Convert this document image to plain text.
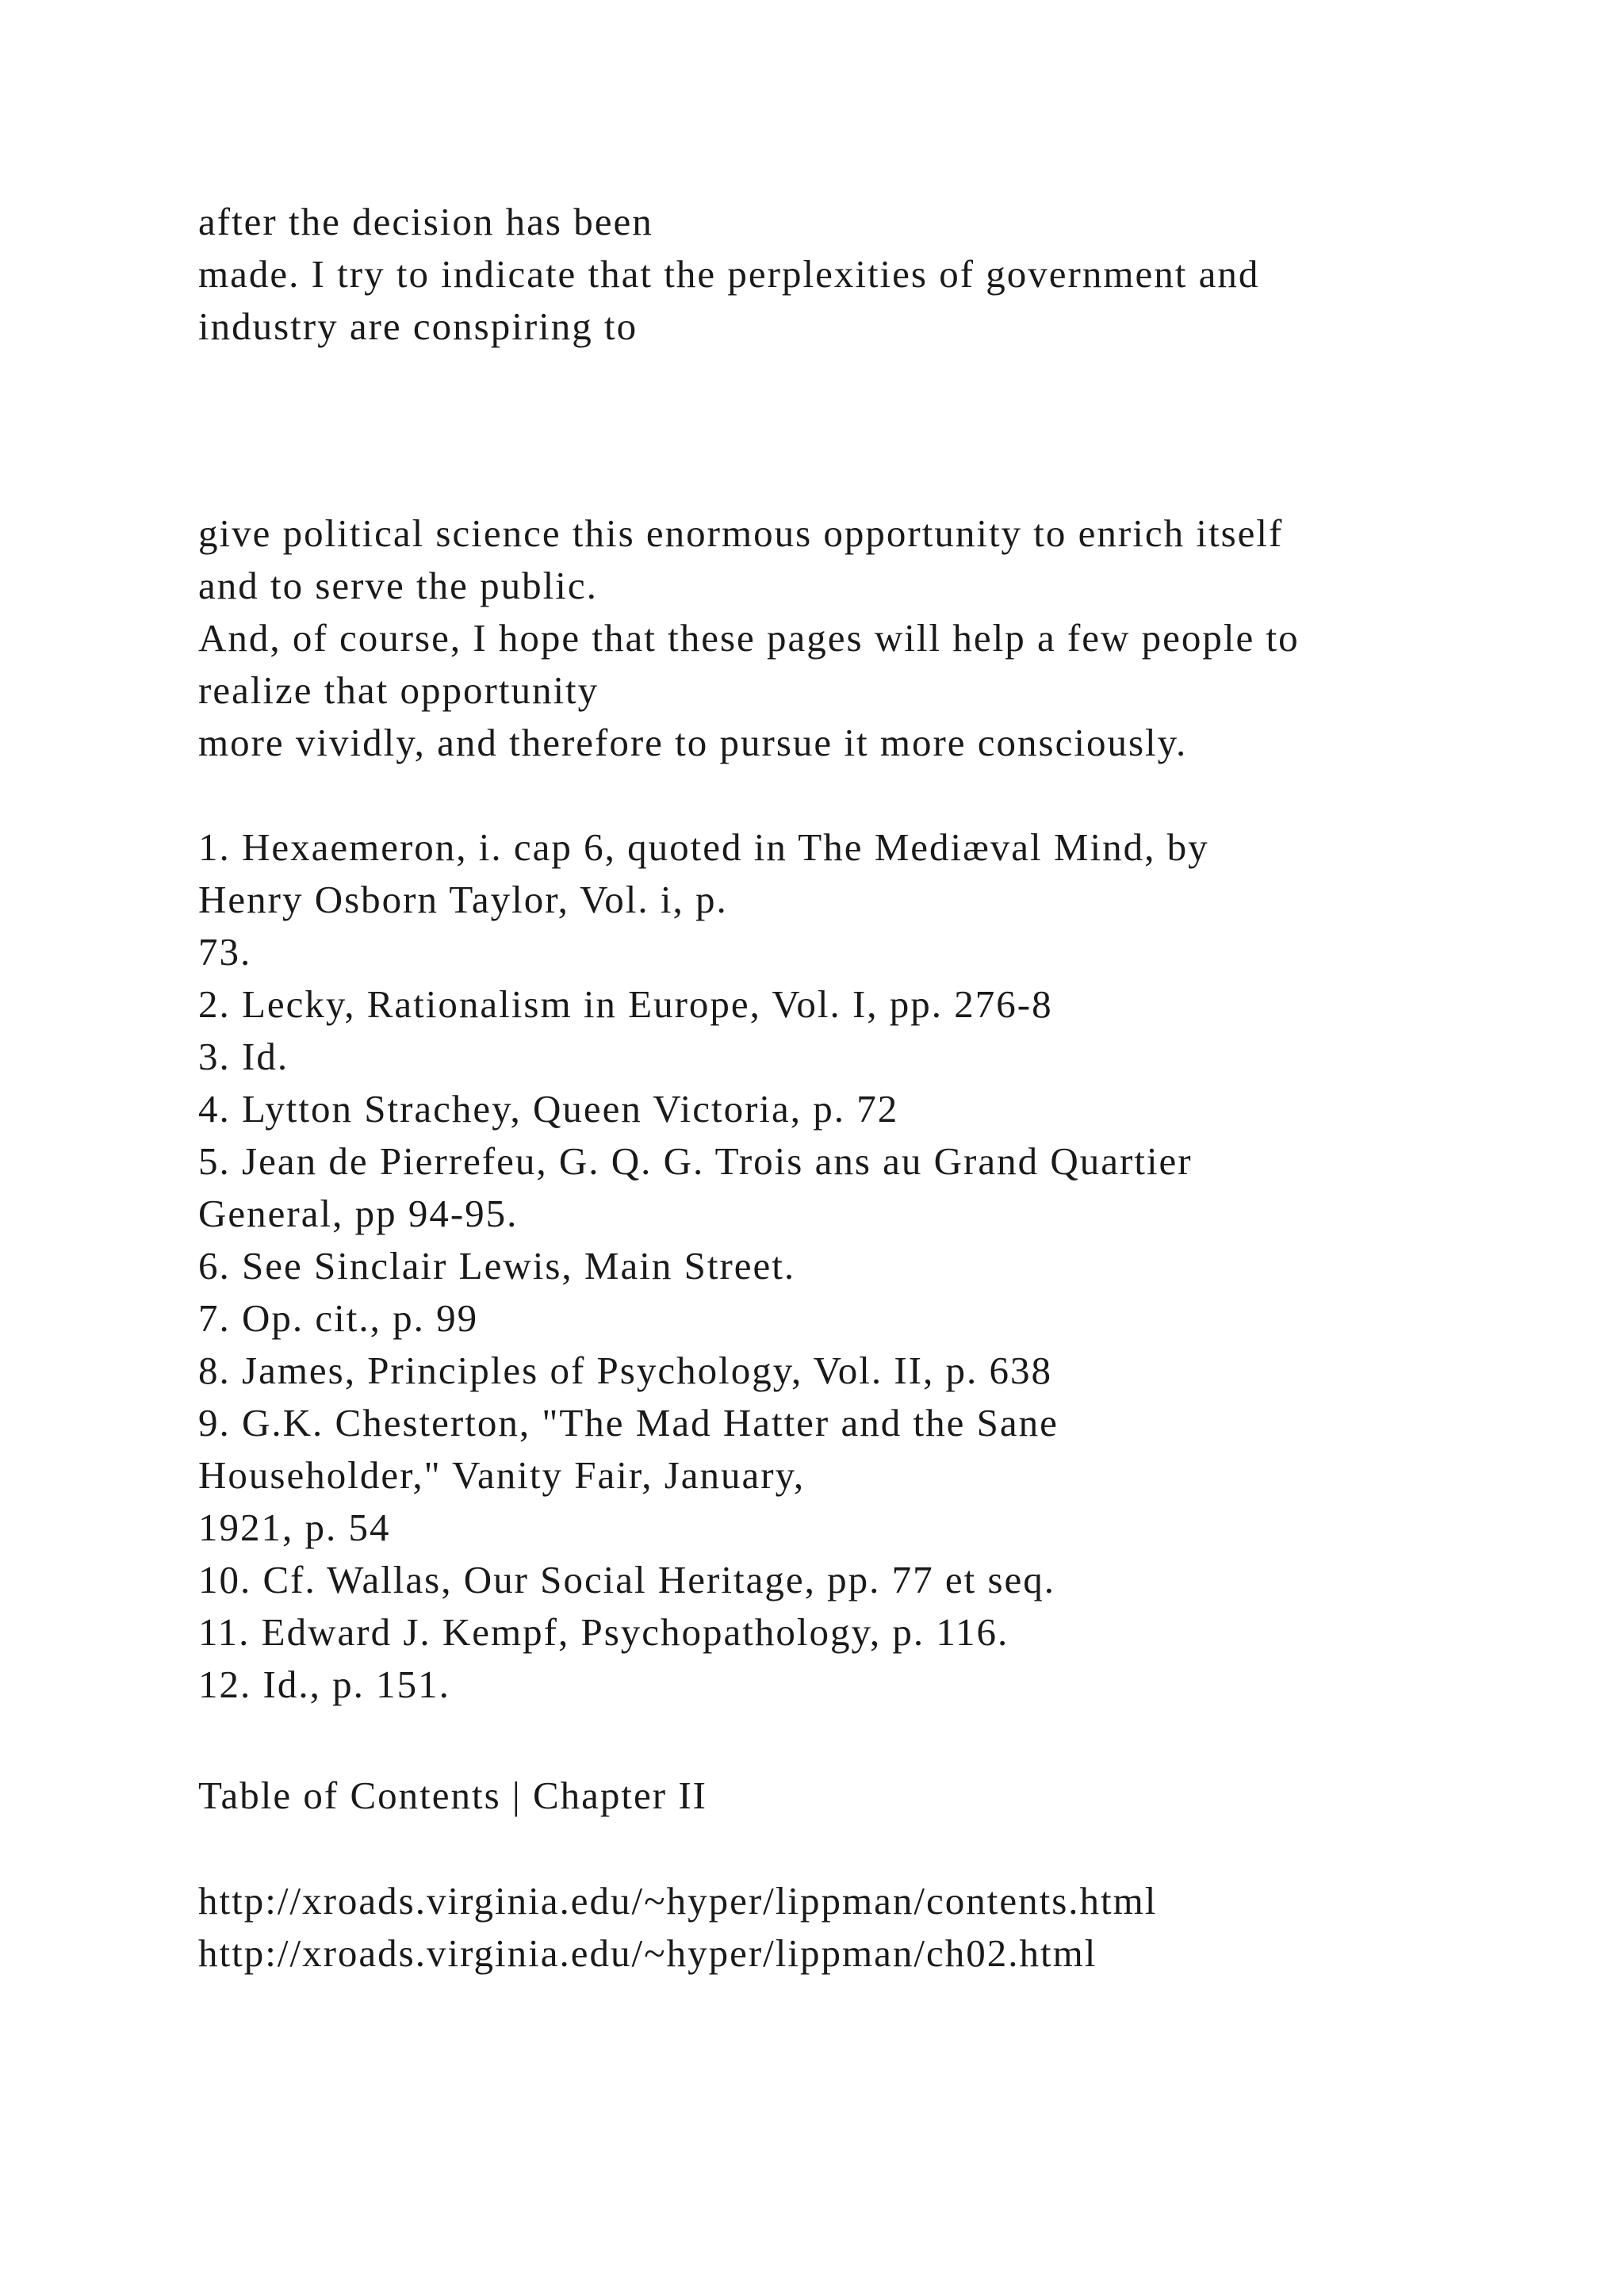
after the decision has been
made. I try to indicate that the perplexities of government and
industry are conspiring to
give political science this enormous opportunity to enrich itself
and to serve the public.
And, of course, I hope that these pages will help a few people to
realize that opportunity
more vividly, and therefore to pursue it more consciously.
1. Hexaemeron, i. cap 6, quoted in The Mediæval Mind, by
Henry Osborn Taylor, Vol. i, p.
73.
2. Lecky, Rationalism in Europe, Vol. I, pp. 276-8
3. Id.
4. Lytton Strachey, Queen Victoria, p. 72
5. Jean de Pierrefeu, G. Q. G. Trois ans au Grand Quartier
General, pp 94-95.
6. See Sinclair Lewis, Main Street.
7. Op. cit., p. 99
8. James, Principles of Psychology, Vol. II, p. 638
9. G.K. Chesterton, "The Mad Hatter and the Sane
Householder," Vanity Fair, January,
1921, p. 54
10. Cf. Wallas, Our Social Heritage, pp. 77 et seq.
11. Edward J. Kempf, Psychopathology, p. 116.
12. Id., p. 151.
Table of Contents | Chapter II
http://xroads.virginia.edu/~hyper/lippman/contents.html
http://xroads.virginia.edu/~hyper/lippman/ch02.html
